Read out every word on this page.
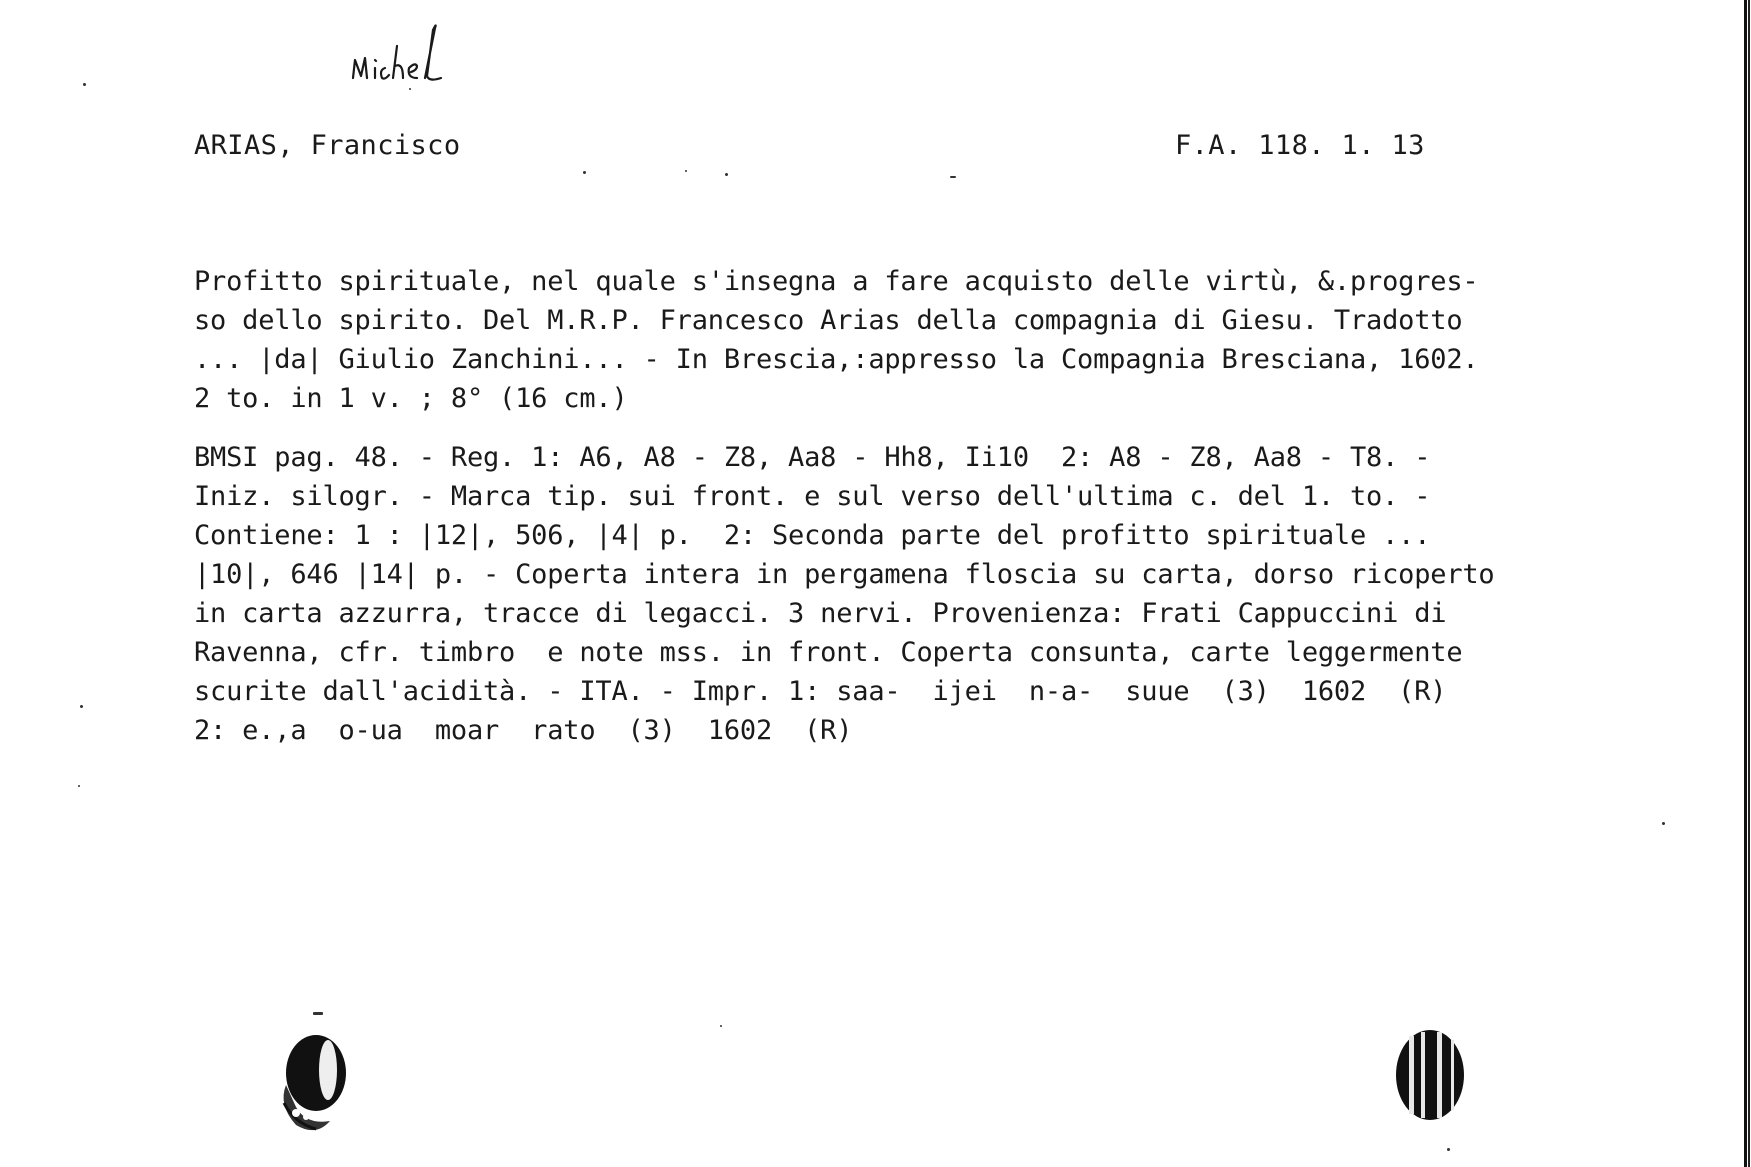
ARIAS, Francisco	F.A. 118. 1. 13
Profitto spirituale, nel quale s'insegna a fare acquisto delle virtù, &.progres-
so dello spirito. Del M.R.P. Francesco Arias della compagnia di Giesu. Tradotto
... |da| Giulio Zanchini... - In Brescia,:appresso la Compagnia Bresciana, 1602.
2 to. in 1 v. ; 8° (16 cm.)
BMSI pag. 48. - Reg. 1: A6, A8 - Z8, Aa8 - Hh8, Ii10  2: A8 - Z8, Aa8 - T8. -
Iniz. silogr. - Marca tip. sui front. e sul verso dell'ultima c. del 1. to. -
Contiene: 1 : |12|, 506, |4| p.  2: Seconda parte del profitto spirituale ...
|10|, 646 |14| p. - Coperta intera in pergamena floscia su carta, dorso ricoperto
in carta azzurra, tracce di legacci. 3 nervi. Provenienza: Frati Cappuccini di
Ravenna, cfr. timbro  e note mss. in front. Coperta consunta, carte leggermente
scurite dall'acidità. - ITA. - Impr. 1: saa-  ijei  n-a-  suue  (3)  1602  (R)
2: e.,a  o-ua  moar  rato  (3)  1602  (R)
